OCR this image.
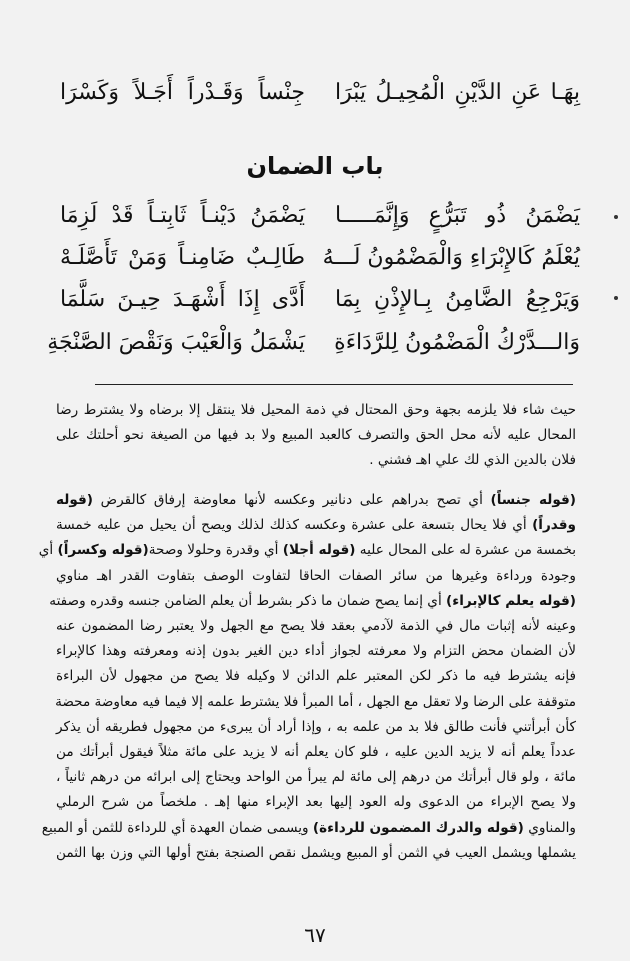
بِهَـا عَنِ الدَّيْنِ الْمُحِيـلُ يَبْرَا
جِنْساً وَقَـدْراً أَجَـلاً وَكَسْرَا
باب الضمان
يَضْمَنُ ذُو تَبَرُّعٍ وَإِنَّمَـــــا
يَضْمَنُ دَيْنـاً ثَابِتـاً قَدْ لَزِمَا
يُعْلَمُ كَالإِبْرَاءِ وَالْمَضْمُونُ لَـــهُ
طَالِـبٌ ضَامِنـاً وَمَنْ تَأَصَّلَـهْ
وَيَرْجِعُ الضَّامِنُ بِـالإِذْنِ بِمَا
أَدَّى إِذَا أَشْهَـدَ حِيـنَ سَلَّمَا
وَالـــدَّرْكُ الْمَضْمُونُ لِلرَّدَاءَةِ
يَشْمَلُ وَالْعَيْبَ وَنَقْصَ الصَّنْجَةِ
حيث شاء فلا يلزمه بجهة وحق المحتال في ذمة المحيل فلا ينتقل إلا برضاه ولا يشترط رضا
المحال عليه لأنه محل الحق والتصرف كالعبد المبيع ولا بد فيها من الصيغة نحو أحلتك على
فلان بالدين الذي لك علي اهـ فشني .
(قوله جنساً) أي تصح بدراهم على دنانير وعكسه لأنها معاوضة إرفاق كالقرض (قوله
وقدراً) أي فلا يحال بتسعة على عشرة وعكسه كذلك لذلك ويصح أن يحيل من عليه خمسة
بخمسة من عشرة له على المحال عليه (قوله أجلا) أي وقدرة وحلولا وصحة(قوله وكسراً) أي
وجودة ورداءة وغيرها من سائر الصفات الحاقا لتفاوت الوصف بتفاوت القدر اهـ مناوي
(قوله يعلم كالإبراء) أي إنما يصح ضمان ما ذكر بشرط أن يعلم الضامن جنسه وقدره وصفته
وعينه لأنه إثبات مال في الذمة لآدمي بعقد فلا يصح مع الجهل ولا يعتبر رضا المضمون عنه
لأن الضمان محض التزام ولا معرفته لجواز أداء دين الغير بدون إذنه ومعرفته وهذا كالإبراء
فإنه يشترط فيه ما ذكر لكن المعتبر علم الدائن لا وكيله فلا يصح من مجهول لأن البراءة
متوقفة على الرضا ولا تعقل مع الجهل ، أما المبرأ فلا يشترط علمه إلا فيما فيه معاوضة محضة
كأن أبرأتني فأنت طالق فلا بد من علمه به ، وإذا أراد أن يبرىء من مجهول فطريقه أن يذكر
عدداً يعلم أنه لا يزيد الدين عليه ، فلو كان يعلم أنه لا يزيد على مائة مثلاً فيقول أبرأتك من
مائة ، ولو قال أبرأتك من درهم إلى مائة لم يبرأ من الواحد ويحتاج إلى ابرائه من درهم ثانياً ،
ولا يصح الإبراء من الدعوى وله العود إليها بعد الإبراء منها إهـ . ملخصاً من شرح الرملي
والمناوي (قوله والدرك المضمون للرداءة) ويسمى ضمان العهدة أي للرداءة للثمن أو المبيع
يشملها ويشمل العيب في الثمن أو المبيع ويشمل نقص الصنجة بفتح أولها التي وزن بها الثمن
٦٧
